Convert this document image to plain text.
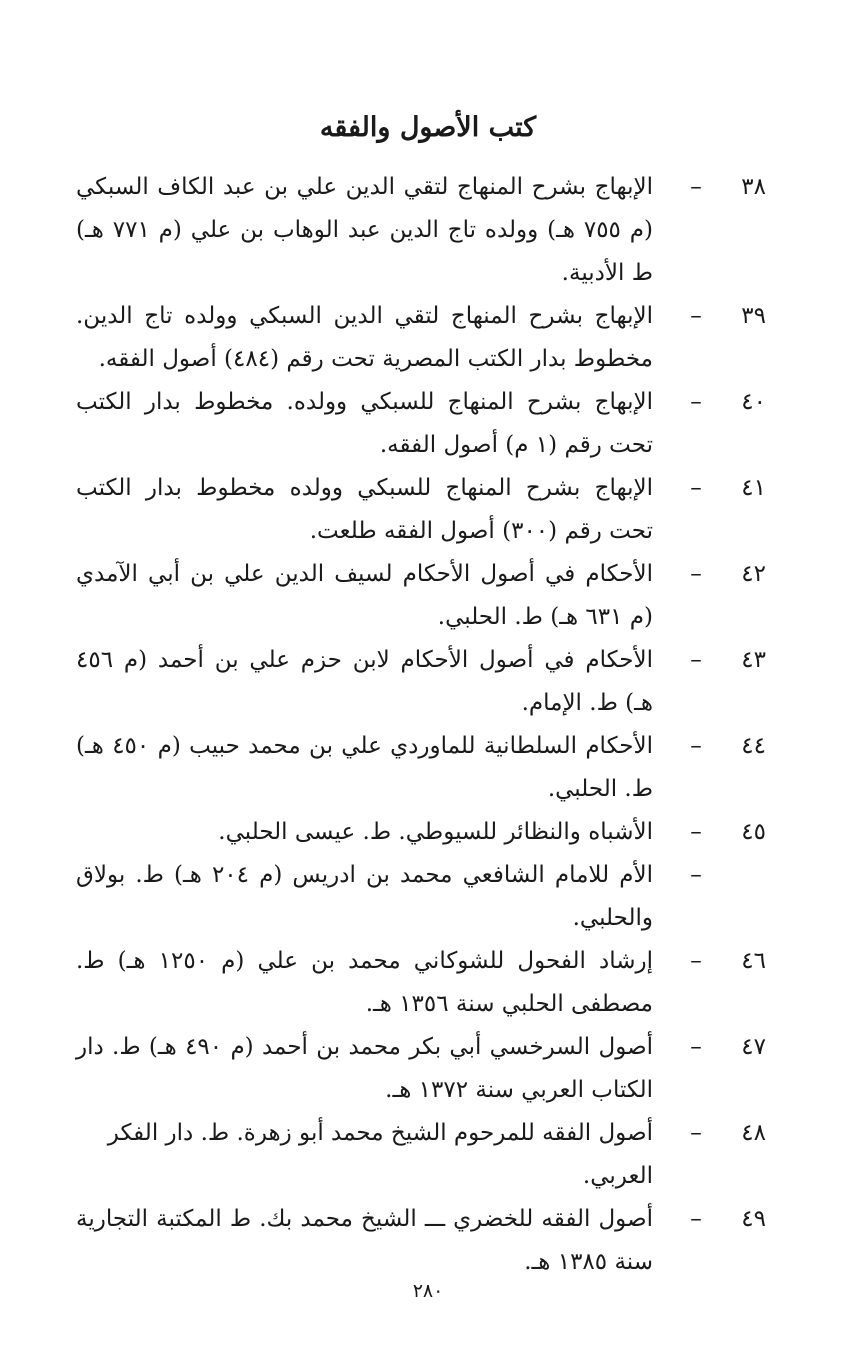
كتب الأصول والفقه
٣٨
–
الإبهاج بشرح المنهاج لتقي الدين علي بن عبد الكاف السبكي (م ٧٥٥ هـ) وولده تاج الدين عبد الوهاب بن علي (م ٧٧١ هـ) ط الأدبية.
٣٩
–
الإبهاج بشرح المنهاج لتقي الدين السبكي وولده تاج الدين. مخطوط بدار الكتب المصرية تحت رقم (٤٨٤) أصول الفقه.
٤٠
–
الإبهاج بشرح المنهاج للسبكي وولده. مخطوط بدار الكتب تحت رقم (١ م) أصول الفقه.
٤١
–
الإبهاج بشرح المنهاج للسبكي وولده مخطوط بدار الكتب تحت رقم (٣٠٠) أصول الفقه طلعت.
٤٢
–
الأحكام في أصول الأحكام لسيف الدين علي بن أبي الآمدي (م ٦٣١ هـ) ط. الحلبي.
٤٣
–
الأحكام في أصول الأحكام لابن حزم علي بن أحمد (م ٤٥٦ هـ) ط. الإمام.
٤٤
–
الأحكام السلطانية للماوردي علي بن محمد حبيب (م ٤٥٠ هـ) ط. الحلبي.
٤٥
–
الأشباه والنظائر للسيوطي. ط. عيسى الحلبي.
–
الأم للامام الشافعي محمد بن ادريس (م ٢٠٤ هـ) ط. بولاق والحلبي.
٤٦
–
إرشاد الفحول للشوكاني محمد بن علي (م ١٢٥٠ هـ) ط. مصطفى الحلبي سنة ١٣٥٦ هـ.
٤٧
–
أصول السرخسي أبي بكر محمد بن أحمد (م ٤٩٠ هـ) ط. دار الكتاب العربي سنة ١٣٧٢ هـ.
٤٨
–
أصول الفقه للمرحوم الشيخ محمد أبو زهرة. ط. دار الفكر العربي.
٤٩
–
أصول الفقه للخضري ـــ الشيخ محمد بك. ط المكتبة التجارية سنة ١٣٨٥ هـ.
٢٨٠
